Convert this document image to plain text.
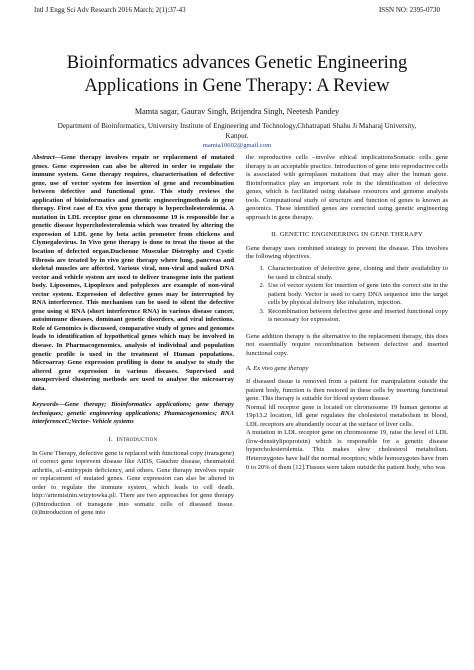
Intl J Engg Sci Adv Research 2016 March; 2(1):37-43	ISSN NO: 2395-0730
Bioinformatics advances Genetic Engineering
Applications in Gene Therapy: A Review
Mamta sagar, Gaurav Singh, Brijendra Singh, Neetesh Pandey
Department of Bioinformatics, University Institute of Engineering and Technology,Chhatrapati Shahu Ji Maharaj University,
Kanpur.
mamta10602@gmail.com

Abstract—Gene therapy involves repair or replacement of mutated genes. Gene expression can also be altered in order to regulate the immune system. Gene therapy requires, characterisation of defective gene, use of vector system for insertion of gene and recombination between defective and functional gene. This study reviews the application of bioinformatics and genetic engineeringmethods in gene therapy. First case of Ex vivo gene therapy is hypercholesterolemia. A mutation in LDL receptor gene on chromosome 19 is responsible for a genetic disease hypercholesterolemia which was treated by altering the expression of LDL gene by beta actin promoter from chickens and Clymegalovirus. In Vivo gene therapy is done to treat the tissue at the location of defected organ.Duchenne Muscular Distrophy and Cystic Fibrosis are treated by in vivo gene therapy where lung, pancreas and skeletal muscles are affected. Various viral, non-viral and naked DNA vector and vehicle system are used to deliver transgene into the patient body. Liposomes, Lipoplexes and polyplexes are example of non-viral vector system. Expression of defective genes may be interrupted by RNA interference. This mechanism can be used to silent the defective gene using si RNA (short interference RNA) in various disease cancer, autoimmune diseases, dominant genetic disorders, and viral infections. Role of Genomics is discussed, comparative study of genes and genomes leads to identification of hypothetical genes which may be involved in disease. In Pharmacogenomics, analysis of individual and population genetic profile is used in the treatment of Human populations. Microarray Gene expression profiling is done to analyse to study the altered gene expression in various diseases. Supervised and unsupervised clustering methods are used to analyse the microarray data.

Keywords—Gene therapy; Bioinformatics applications; gene therapy techniques; genetic engineering applications; Phamacogenomics; RNA interferenceC;Vector- Vehicle systems

I. Introduction

In Gene Therapy, defective gene is replaced with functional copy (transgene) of correct gene toprevent disease like AIDS, Gaucher disease, rheumatoid arthritis, a1-antitrypsin deficiency, and others. Gene therapy involves repair or replacement of mutated genes. Gene expression can also be altered in order to regulate the immune system, which leads to cell death. http://artemisinin.wizytowka.pl/. There are two approaches for gene therapy (i)Introduction of transgene into somatic cells of diseased tissue. (ii)Introduction of gene into

the reproductive cells –involve ethical implicationsSomatic cells gene therapy is an acceptable practice. Introduction of gene into reproductive cells is associated with germplasm mutations that may alter the human gene. Bioinformatics play an important role in the identification of defective genes, which is facilitated using database resources and genome analysis tools. Computational study of structure and function of genes is known as genomics. These identified genes are corrected using genetic engineering approach in gene therapy.

II. GENETIC ENGINEERING IN GENE THERAPY

Gene therapy uses combined strategy to prevent the disease. This involves the following objectives.

1. Characterization of defective gene, cloning and their availability to be used in clinical study.
2. Use of vector system for insertion of gene into the correct site in the patient body. Vector is used to carry DNA sequence into the target cells by physical delivery like inhalation, injection.
3. Recombination between defective gene and inserted functional copy is necessary for expression.

Gene addition therapy is the alternative to the replacement therapy, this does not essentially require recombination between defective and inserted functional copy.

A. Ex vivo gene therapy

If diseased tissue is removed from a patient for manipulation outside the patient body, function is then restored in these cells by inserting functional gene. This therapy is suitable for blood system disease.

Normal ldl receptor gene is located on chromosome 19 human genome at 19p13.2 location, ldl gene regulates the cholesterol metabolism in blood, LDL receptors are abundantly occur at the surface of liver cells.

A mutation in LDL receptor gene on chromosome 19, raise the level of LDL (low-densitylipoprotein) which is responsible for a genetic disease hypercholesterolemia. This makes slow cholesterol metabolism. Heterozygotes have half the normal receptors; while homozygotes have from 0 to 20% of them [12].Tissues were taken outside the patient body, who was
